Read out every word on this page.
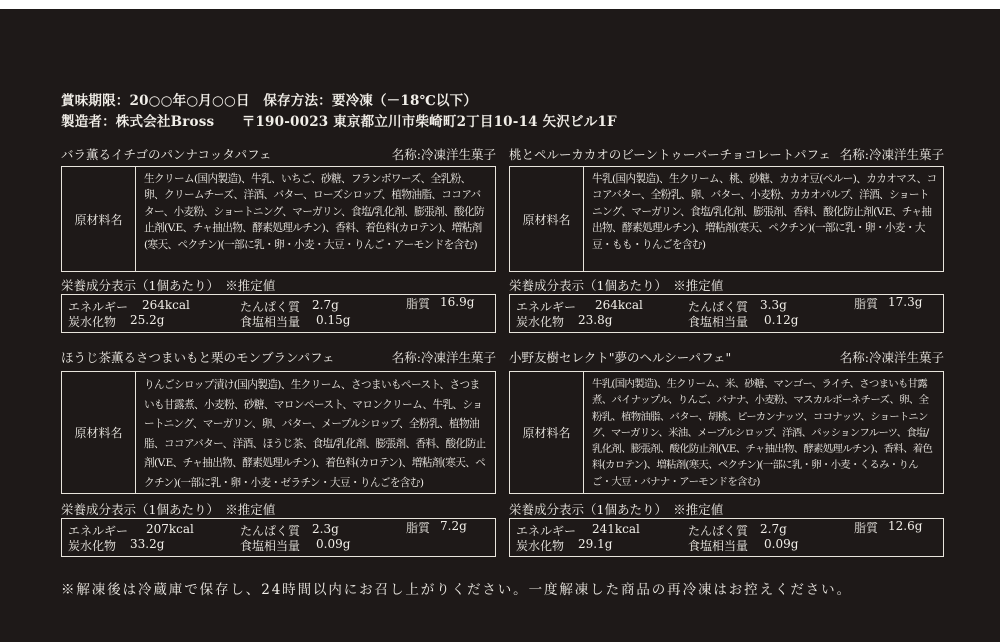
賞味期限：20○○年○月○○日　保存方法：要冷凍（－18℃以下）
製造者：株式会社Bross　　〒190-0023 東京都立川市柴崎町2丁目10-14 矢沢ビル1F
バラ薫るイチゴのパンナコッタパフェ	名称:冷凍洋生菓子
原材料名
生クリーム(国内製造)、牛乳、いちご、砂糖、フランボワーズ、全乳粉、卵、クリームチーズ、洋酒、バター、ローズシロップ、植物油脂、ココアバター、小麦粉、ショートニング、マーガリン、食塩/乳化剤、膨張剤、酸化防止剤(V.E、チャ抽出物、酵素処理ルチン)、香料、着色料(カロテン)、増粘剤(寒天、ペクチン)(一部に乳・卵・小麦・大豆・りんご・アーモンドを含む)
栄養成分表示（1個あたり）　※推定値
エネルギー 264kcal	たんぱく質 2.7g	脂質 16.9g
炭水化物 25.2g	食塩相当量 0.15g
桃とペルーカカオのビーントゥーバーチョコレートパフェ 名称:冷凍洋生菓子
原材料名
牛乳(国内製造)、生クリーム、桃、砂糖、カカオ豆(ペルー)、カカオマス、ココアバター、全粉乳、卵、バター、小麦粉、カカオパルプ、洋酒、ショートニング、マーガリン、食塩/乳化剤、膨張剤、香料、酸化防止剤(V.E、チャ抽出物、酵素処理ルチン)、増粘剤(寒天、ペクチン)(一部に乳・卵・小麦・大豆・もも・りんごを含む)
栄養成分表示（1個あたり）　※推定値
エネルギー 264kcal	たんぱく質 3.3g	脂質 17.3g
炭水化物 23.8g	食塩相当量 0.12g
ほうじ茶薫るさつまいもと栗のモンブランパフェ	名称:冷凍洋生菓子
原材料名
りんごシロップ漬け(国内製造)、生クリーム、さつまいもペースト、さつまいも甘露煮、小麦粉、砂糖、マロンペースト、マロンクリーム、牛乳、ショートニング、マーガリン、卵、バター、メープルシロップ、全粉乳、植物油脂、ココアバター、洋酒、ほうじ茶、食塩/乳化剤、膨張剤、香料、酸化防止剤(V.E、チャ抽出物、酵素処理ルチン)、着色料(カロテン)、増粘剤(寒天、ペクチン)(一部に乳・卵・小麦・ゼラチン・大豆・りんごを含む)
栄養成分表示（1個あたり）　※推定値
エネルギー 207kcal	たんぱく質 2.3g	脂質 7.2g
炭水化物 33.2g	食塩相当量 0.09g
小野友樹セレクト"夢のヘルシーパフェ"	名称:冷凍洋生菓子
原材料名
牛乳(国内製造)、生クリーム、米、砂糖、マンゴー、ライチ、さつまいも甘露煮、パイナップル、りんご、バナナ、小麦粉、マスカルポーネチーズ、卵、全粉乳、植物油脂、バター、胡桃、ピーカンナッツ、ココナッツ、ショートニング、マーガリン、米油、メープルシロップ、洋酒、パッションフルーツ、食塩/乳化剤、膨張剤、酸化防止剤(V.E、チャ抽出物、酵素処理ルチン)、香料、着色料(カロテン)、増粘剤(寒天、ペクチン)(一部に乳・卵・小麦・くるみ・りんご・大豆・バナナ・アーモンドを含む)
栄養成分表示（1個あたり）　※推定値
エネルギー 241kcal	たんぱく質 2.7g	脂質 12.6g
炭水化物 29.1g	食塩相当量 0.09g
※解凍後は冷蔵庫で保存し、24時間以内にお召し上がりください。一度解凍した商品の再冷凍はお控えください。
